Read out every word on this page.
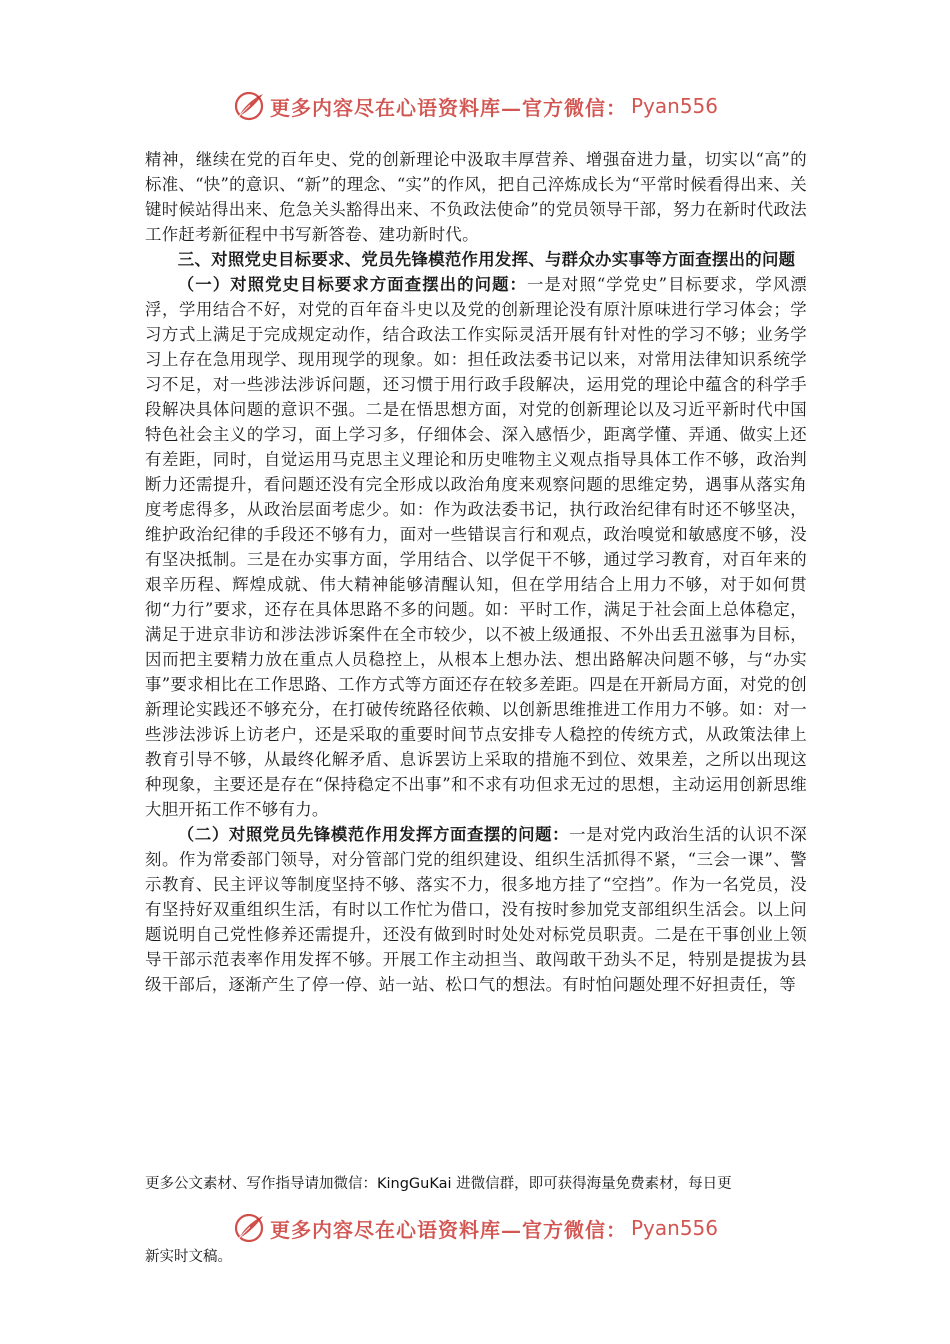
更多内容尽在心语资料库—官方微信： Pyan556

精神，继续在党的百年史、党的创新理论中汲取丰厚营养、增强奋进力量，切实以“高”的标准、“快”的意识、“新”的理念、“实”的作风，把自己淬炼成长为“平常时候看得出来、关键时候站得出来、危急关头豁得出来、不负政法使命”的党员领导干部，努力在新时代政法工作赶考新征程中书写新答卷、建功新时代。

三、对照党史目标要求、党员先锋模范作用发挥、与群众办实事等方面查摆出的问题

（一）对照党史目标要求方面查摆出的问题：一是对照“学党史”目标要求，学风漂浮，学用结合不好，对党的百年奋斗史以及党的创新理论没有原汁原味进行学习体会；学习方式上满足于完成规定动作，结合政法工作实际灵活开展有针对性的学习不够；业务学习上存在急用现学、现用现学的现象。如：担任政法委书记以来，对常用法律知识系统学习不足，对一些涉法涉诉问题，还习惯于用行政手段解决，运用党的理论中蕴含的科学手段解决具体问题的意识不强。二是在悟思想方面，对党的创新理论以及习近平新时代中国特色社会主义的学习，面上学习多，仔细体会、深入感悟少，距离学懂、弄通、做实上还有差距，同时，自觉运用马克思主义理论和历史唯物主义观点指导具体工作不够，政治判断力还需提升，看问题还没有完全形成以政治角度来观察问题的思维定势，遇事从落实角度考虑得多，从政治层面考虑少。如：作为政法委书记，执行政治纪律有时还不够坚决，维护政治纪律的手段还不够有力，面对一些错误言行和观点，政治嗅觉和敏感度不够，没有坚决抵制。三是在办实事方面，学用结合、以学促干不够，通过学习教育，对百年来的艰辛历程、辉煌成就、伟大精神能够清醒认知，但在学用结合上用力不够，对于如何贯彻“力行”要求，还存在具体思路不多的问题。如：平时工作，满足于社会面上总体稳定，满足于进京非访和涉法涉诉案件在全市较少，以不被上级通报、不外出丢丑滋事为目标，因而把主要精力放在重点人员稳控上，从根本上想办法、想出路解决问题不够，与“办实事”要求相比在工作思路、工作方式等方面还存在较多差距。四是在开新局方面，对党的创新理论实践还不够充分，在打破传统路径依赖、以创新思维推进工作用力不够。如：对一些涉法涉诉上访老户，还是采取的重要时间节点安排专人稳控的传统方式，从政策法律上教育引导不够，从最终化解矛盾、息诉罢访上采取的措施不到位、效果差，之所以出现这种现象，主要还是存在“保持稳定不出事”和不求有功但求无过的思想，主动运用创新思维大胆开拓工作不够有力。

（二）对照党员先锋模范作用发挥方面查摆的问题：一是对党内政治生活的认识不深刻。作为常委部门领导，对分管部门党的组织建设、组织生活抓得不紧，“三会一课”、警示教育、民主评议等制度坚持不够、落实不力，很多地方挂了“空挡”。作为一名党员，没有坚持好双重组织生活，有时以工作忙为借口，没有按时参加党支部组织生活会。以上问题说明自己党性修养还需提升，还没有做到时时处处对标党员职责。二是在干事创业上领导干部示范表率作用发挥不够。开展工作主动担当、敢闯敢干劲头不足，特别是提拔为县级干部后，逐渐产生了停一停、站一站、松口气的想法。有时怕问题处理不好担责任，等

更多公文素材、写作指导请加微信：KingGuKai 进微信群，即可获得海量免费素材，每日更
更多内容尽在心语资料库—官方微信： Pyan556
新实时文稿。
